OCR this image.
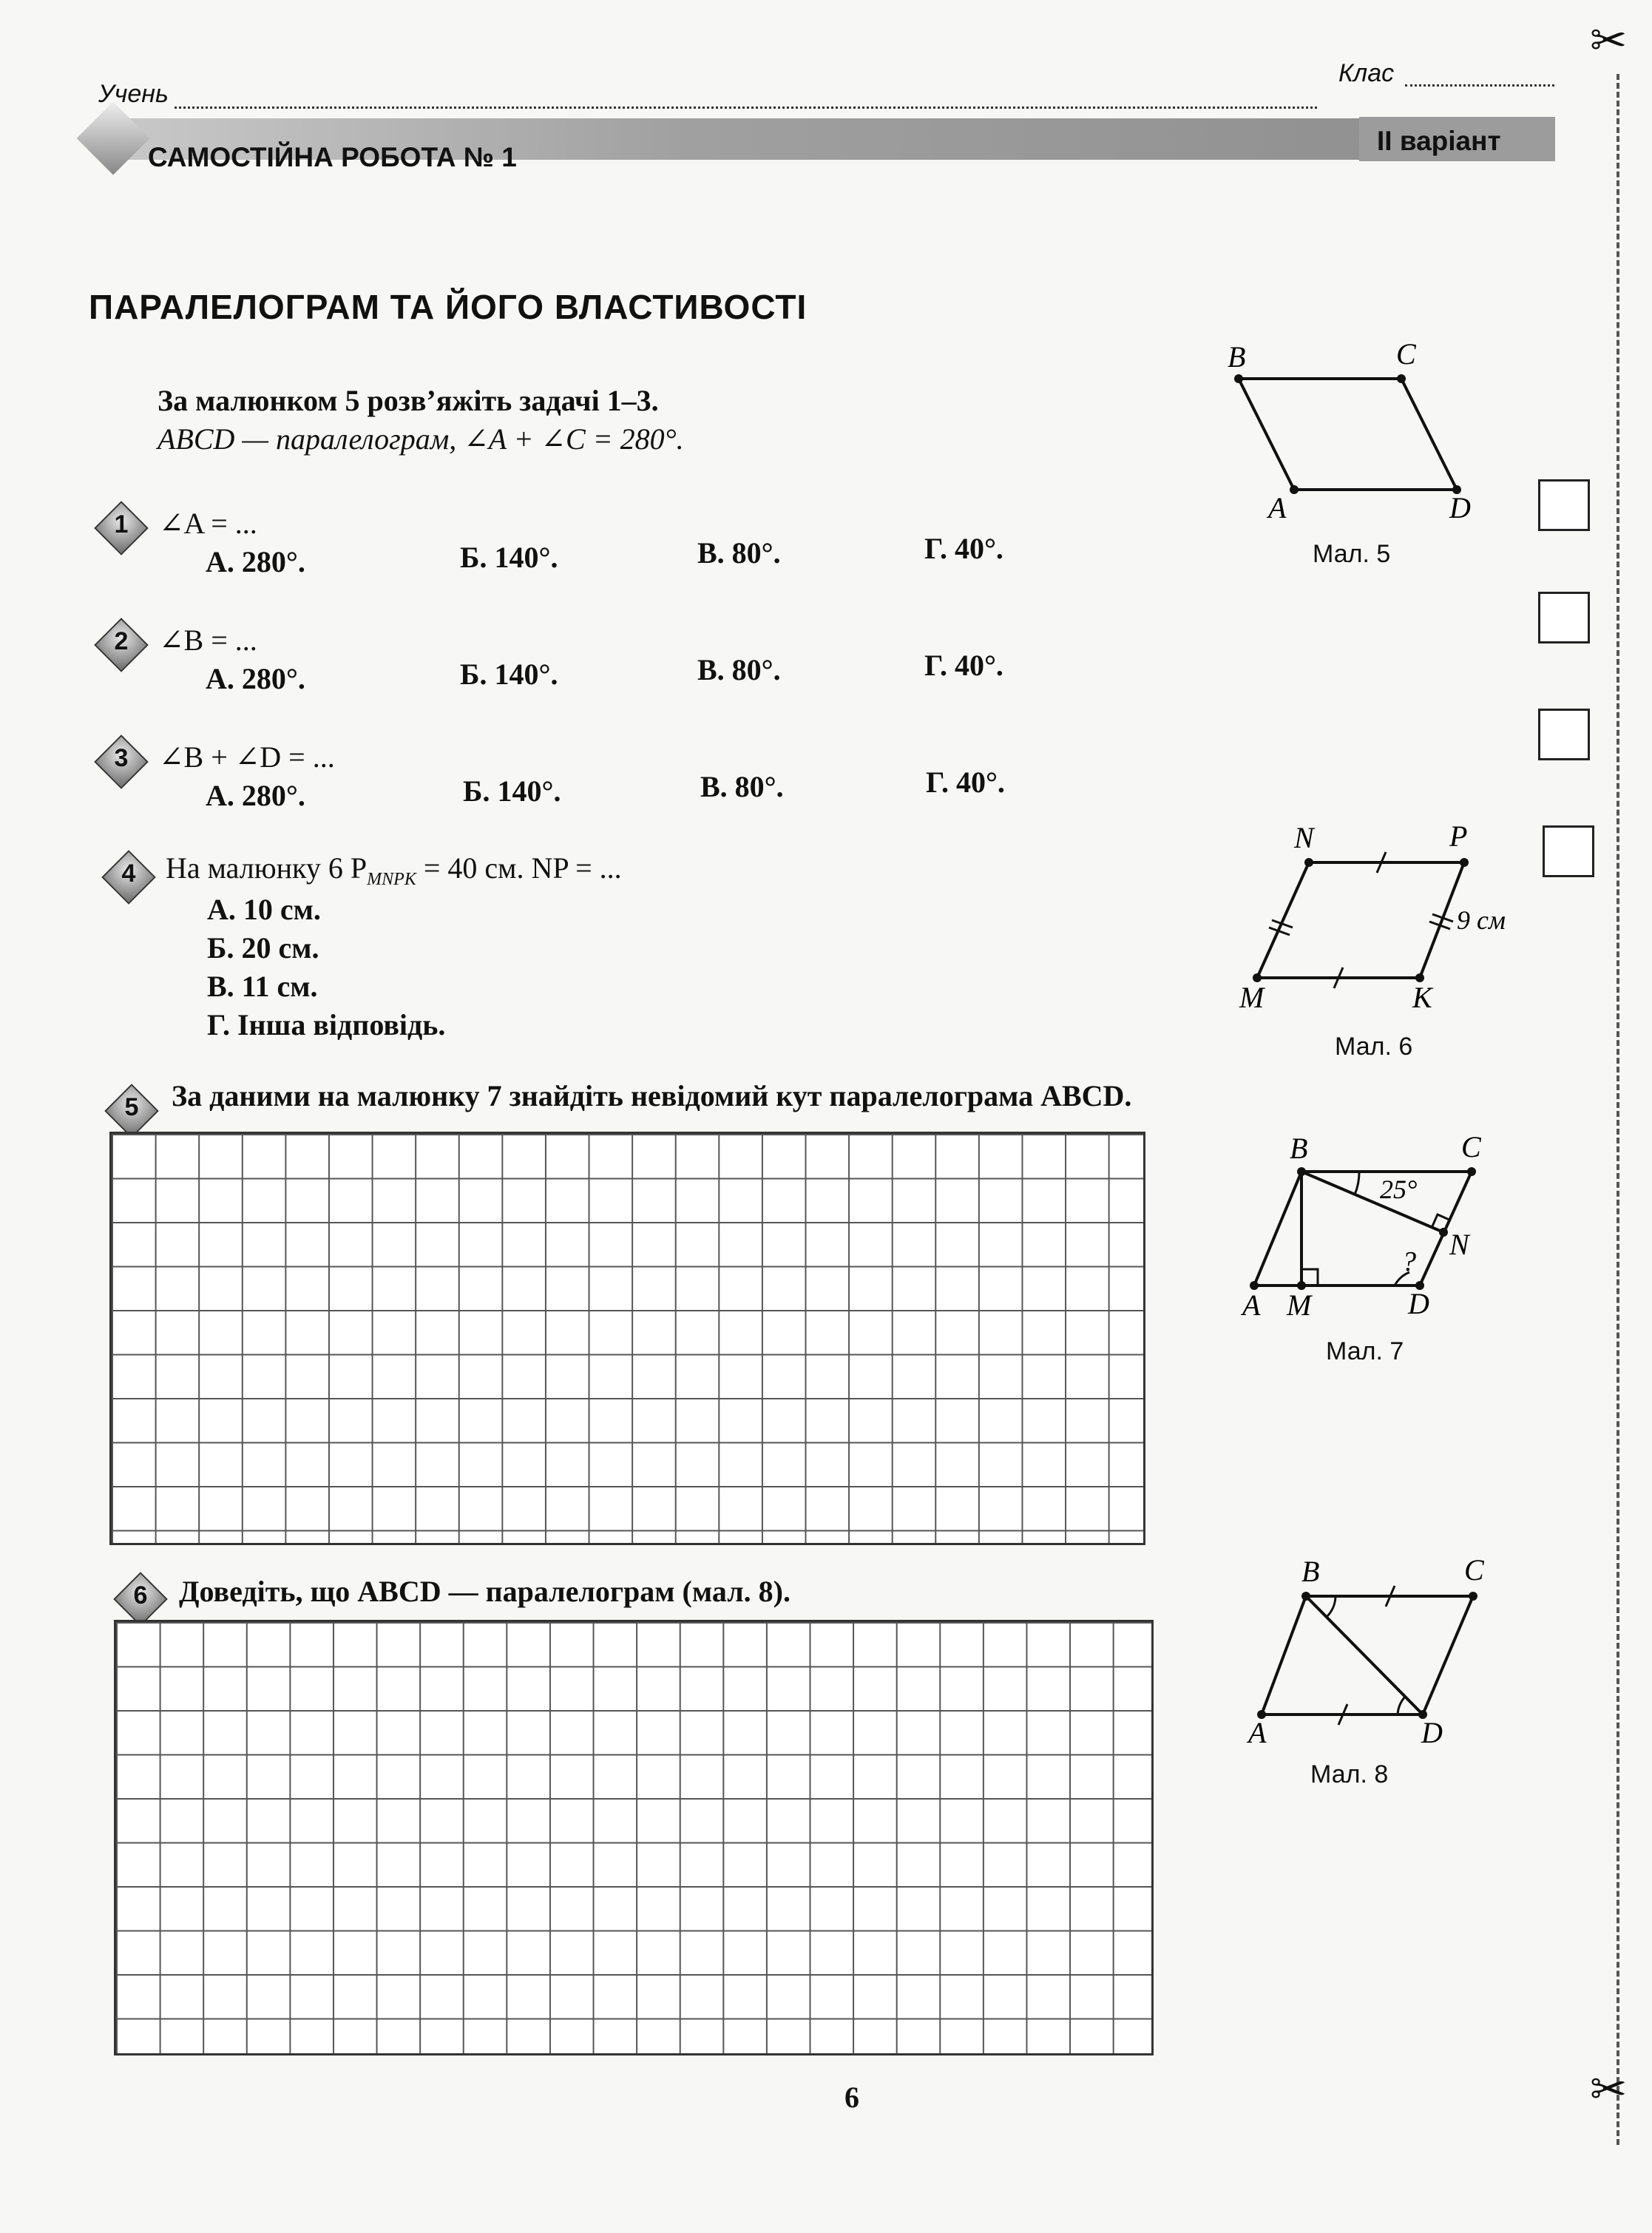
✂
✂
Учень
Клас
САМОСТІЙНА РОБОТА № 1
ІІ варіант
ПАРАЛЕЛОГРАМ ТА ЙОГО ВЛАСТИВОСТІ
За малюнком 5 розв’яжіть задачі 1–3.
ABCD — паралелограм, ∠A + ∠C = 280°.
1	∠A = ...
А. 280°.	Б. 140°.	В. 80°.	Г. 40°.
2	∠B = ...
А. 280°.	Б. 140°.	В. 80°.	Г. 40°.
3	∠B + ∠D = ...
А. 280°.	Б. 140°.	В. 80°.	Г. 40°.
4	На малюнку 6 $P_{MNPK} = 40$ см. NP = ...
А. 10 см.
Б. 20 см.
В. 11 см.
Г. Інша відповідь.
5	За даними на малюнку 7 знайдіть невідомий кут паралелограма ABCD.
6	Доведіть, що ABCD — паралелограм (мал. 8).
B	C
A	D
Мал. 5
N	P
M	K
9 см
Мал. 6
B	C
N
A M	D
25°
?
Мал. 7
B	C
A	D
Мал. 8
6
